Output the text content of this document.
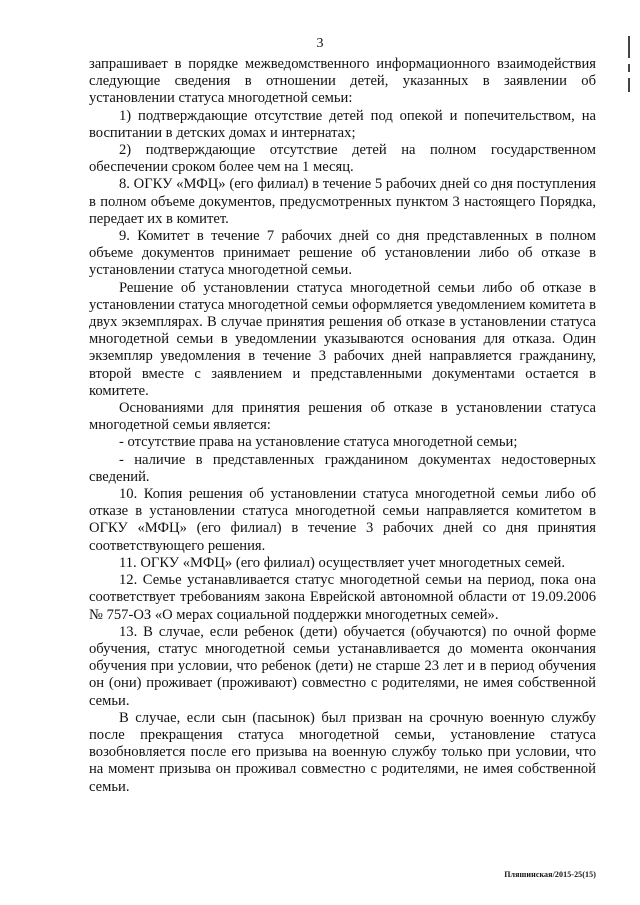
3

запрашивает в порядке межведомственного информационного взаимодействия следующие сведения в отношении детей, указанных в заявлении об установлении статуса многодетной семьи:

1) подтверждающие отсутствие детей под опекой и попечительством, на воспитании в детских домах и интернатах;

2) подтверждающие отсутствие детей на полном государственном обеспечении сроком более чем на 1 месяц.

8. ОГКУ «МФЦ» (его филиал) в течение 5 рабочих дней со дня поступления в полном объеме документов, предусмотренных пунктом 3 настоящего Порядка, передает их в комитет.

9. Комитет в течение 7 рабочих дней со дня представленных в полном объеме документов принимает решение об установлении либо об отказе в установлении статуса многодетной семьи.

Решение об установлении статуса многодетной семьи либо об отказе в установлении статуса многодетной семьи оформляется уведомлением комитета в двух экземплярах. В случае принятия решения об отказе в установлении статуса многодетной семьи в уведомлении указываются основания для отказа. Один экземпляр уведомления в течение 3 рабочих дней направляется гражданину, второй вместе с заявлением и представленными документами остается в комитете.

Основаниями для принятия решения об отказе в установлении статуса многодетной семьи является:

- отсутствие права на установление статуса многодетной семьи;

- наличие в представленных гражданином документах недостоверных сведений.

10. Копия решения об установлении статуса многодетной семьи либо об отказе в установлении статуса многодетной семьи направляется комитетом в ОГКУ «МФЦ» (его филиал) в течение 3 рабочих дней со дня принятия соответствующего решения.

11. ОГКУ «МФЦ» (его филиал) осуществляет учет многодетных семей.

12. Семье устанавливается статус многодетной семьи на период, пока она соответствует требованиям закона Еврейской автономной области от 19.09.2006 № 757-ОЗ «О мерах социальной поддержки многодетных семей».

13. В случае, если ребенок (дети) обучается (обучаются) по очной форме обучения, статус многодетной семьи устанавливается до момента окончания обучения при условии, что ребенок (дети) не старше 23 лет и в период обучения он (они) проживает (проживают) совместно с родителями, не имея собственной семьи.

В случае, если сын (пасынок) был призван на срочную военную службу после прекращения статуса многодетной семьи, установление статуса возобновляется после его призыва на военную службу только при условии, что на момент призыва он проживал совместно с родителями, не имея собственной семьи.

Пляшинская/2015-25(15)
